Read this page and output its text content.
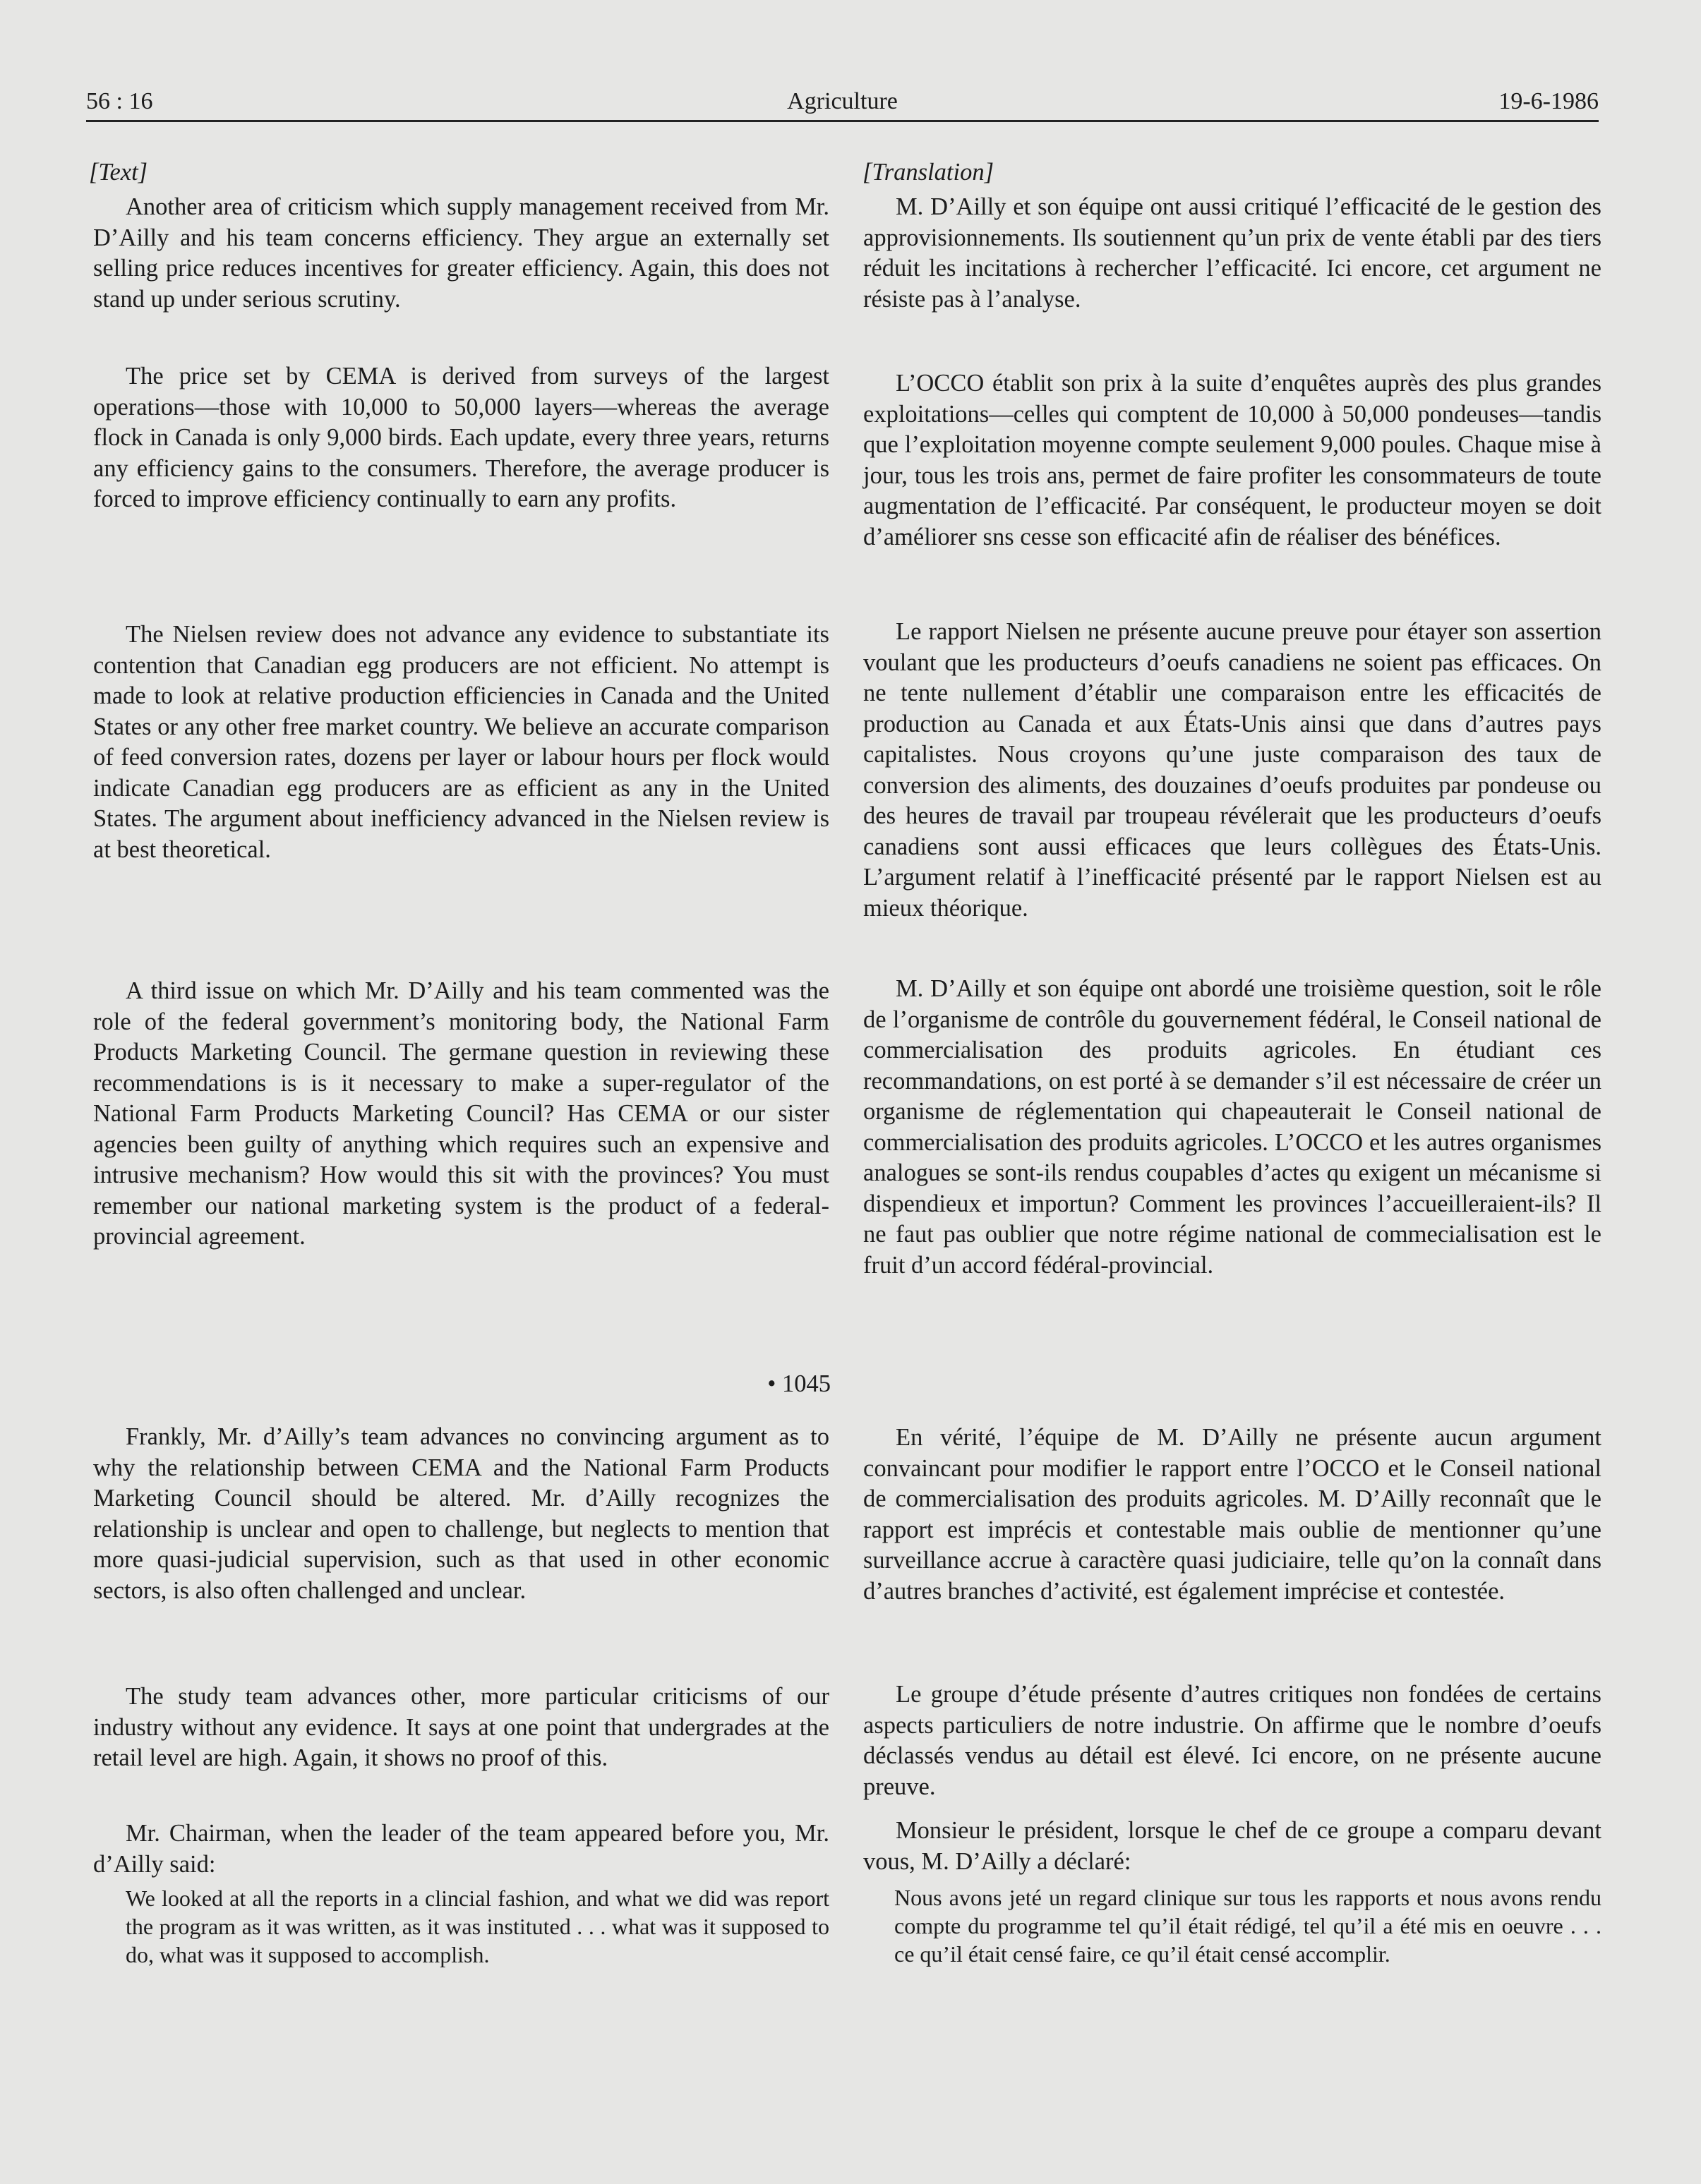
56 : 16	Agriculture	19-6-1986
[Text]

Another area of criticism which supply management received from Mr. D’Ailly and his team concerns efficiency. They argue an externally set selling price reduces incentives for greater efficiency. Again, this does not stand up under serious scrutiny.

The price set by CEMA is derived from surveys of the largest operations—those with 10,000 to 50,000 layers—whereas the average flock in Canada is only 9,000 birds. Each update, every three years, returns any efficiency gains to the consumers. Therefore, the average producer is forced to improve efficiency continually to earn any profits.

The Nielsen review does not advance any evidence to substantiate its contention that Canadian egg producers are not efficient. No attempt is made to look at relative production efficiencies in Canada and the United States or any other free market country. We believe an accurate comparison of feed conversion rates, dozens per layer or labour hours per flock would indicate Canadian egg producers are as efficient as any in the United States. The argument about inefficiency advanced in the Nielsen review is at best theoretical.

A third issue on which Mr. D’Ailly and his team commented was the role of the federal government’s monitoring body, the National Farm Products Marketing Council. The germane question in reviewing these recommendations is is it necessary to make a super-regulator of the National Farm Products Marketing Council? Has CEMA or our sister agencies been guilty of anything which requires such an expensive and intrusive mechanism? How would this sit with the provinces? You must remember our national marketing system is the product of a federal-provincial agreement.

• 1045

Frankly, Mr. d’Ailly’s team advances no convincing argument as to why the relationship between CEMA and the National Farm Products Marketing Council should be altered. Mr. d’Ailly recognizes the relationship is unclear and open to challenge, but neglects to mention that more quasi-judicial supervision, such as that used in other economic sectors, is also often challenged and unclear.

The study team advances other, more particular criticisms of our industry without any evidence. It says at one point that undergrades at the retail level are high. Again, it shows no proof of this.

Mr. Chairman, when the leader of the team appeared before you, Mr. d’Ailly said:

We looked at all the reports in a clincial fashion, and what we did was report the program as it was written, as it was instituted . . . what was it supposed to do, what was it supposed to accomplish.

[Translation]

M. D’Ailly et son équipe ont aussi critiqué l’efficacité de le gestion des approvisionnements. Ils soutiennent qu’un prix de vente établi par des tiers réduit les incitations à rechercher l’efficacité. Ici encore, cet argument ne résiste pas à l’analyse.

L’OCCO établit son prix à la suite d’enquêtes auprès des plus grandes exploitations—celles qui comptent de 10,000 à 50,000 pondeuses—tandis que l’exploitation moyenne compte seulement 9,000 poules. Chaque mise à jour, tous les trois ans, permet de faire profiter les consommateurs de toute augmentation de l’efficacité. Par conséquent, le producteur moyen se doit d’améliorer sns cesse son efficacité afin de réaliser des bénéfices.

Le rapport Nielsen ne présente aucune preuve pour étayer son assertion voulant que les producteurs d’oeufs canadiens ne soient pas efficaces. On ne tente nullement d’établir une comparaison entre les efficacités de production au Canada et aux États-Unis ainsi que dans d’autres pays capitalistes. Nous croyons qu’une juste comparaison des taux de conversion des aliments, des douzaines d’oeufs produites par pondeuse ou des heures de travail par troupeau révélerait que les producteurs d’oeufs canadiens sont aussi efficaces que leurs collègues des États-Unis. L’argument relatif à l’inefficacité présenté par le rapport Nielsen est au mieux théorique.

M. D’Ailly et son équipe ont abordé une troisième question, soit le rôle de l’organisme de contrôle du gouvernement fédéral, le Conseil national de commercialisation des produits agricoles. En étudiant ces recommandations, on est porté à se demander s’il est nécessaire de créer un organisme de réglementation qui chapeauterait le Conseil national de commercialisation des produits agricoles. L’OCCO et les autres organismes analogues se sont-ils rendus coupables d’actes qu exigent un mécanisme si dispendieux et importun? Comment les provinces l’accueilleraient-ils? Il ne faut pas oublier que notre régime national de commecialisation est le fruit d’un accord fédéral-provincial.

En vérité, l’équipe de M. D’Ailly ne présente aucun argument convaincant pour modifier le rapport entre l’OCCO et le Conseil national de commercialisation des produits agricoles. M. D’Ailly reconnaît que le rapport est imprécis et contestable mais oublie de mentionner qu’une surveillance accrue à caractère quasi judiciaire, telle qu’on la connaît dans d’autres branches d’activité, est également imprécise et contestée.

Le groupe d’étude présente d’autres critiques non fondées de certains aspects particuliers de notre industrie. On affirme que le nombre d’oeufs déclassés vendus au détail est élevé. Ici encore, on ne présente aucune preuve.

Monsieur le président, lorsque le chef de ce groupe a comparu devant vous, M. D’Ailly a déclaré:

Nous avons jeté un regard clinique sur tous les rapports et nous avons rendu compte du programme tel qu’il était rédigé, tel qu’il a été mis en oeuvre . . . ce qu’il était censé faire, ce qu’il était censé accomplir.
